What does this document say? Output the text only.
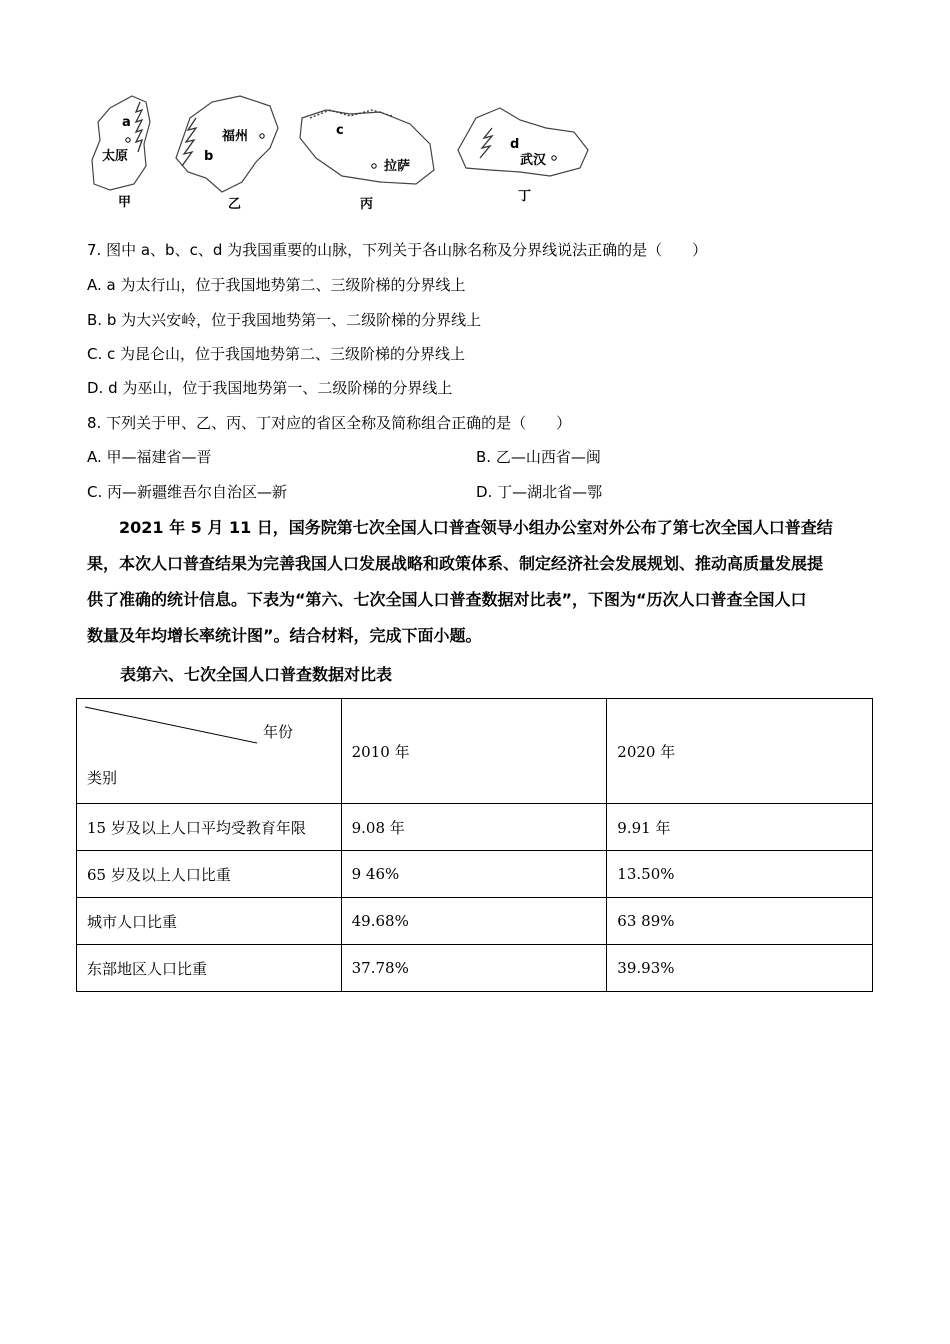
a
太原
甲
福州
b
乙
c
拉萨
丙
d
武汉
丁
7. 图中 a、b、c、d 为我国重要的山脉，下列关于各山脉名称及分界线说法正确的是（　　）
A. a 为太行山，位于我国地势第二、三级阶梯的分界线上
B. b 为大兴安岭，位于我国地势第一、二级阶梯的分界线上
C. c 为昆仑山，位于我国地势第二、三级阶梯的分界线上
D. d 为巫山，位于我国地势第一、二级阶梯的分界线上
8. 下列关于甲、乙、丙、丁对应的省区全称及简称组合正确的是（　　）
A. 甲—福建省—晋	B. 乙—山西省—闽
C. 丙—新疆维吾尔自治区—新	D. 丁—湖北省—鄂

2021 年 5 月 11 日，国务院第七次全国人口普查领导小组办公室对外公布了第七次全国人口普查结

果，本次人口普查结果为完善我国人口发展战略和政策体系、制定经济社会发展规划、推动高质量发展提

供了准确的统计信息。下表为“第六、七次全国人口普查数据对比表”，下图为“历次人口普查全国人口

数量及年均增长率统计图”。结合材料，完成下面小题。

表第六、七次全国人口普查数据对比表
年份
类别	2010 年	2020 年
15 岁及以上人口平均受教育年限	9.08 年	9.91 年
65 岁及以上人口比重	9 46%	13.50%
城市人口比重	49.68%	63 89%
东部地区人口比重	37.78%	39.93%
